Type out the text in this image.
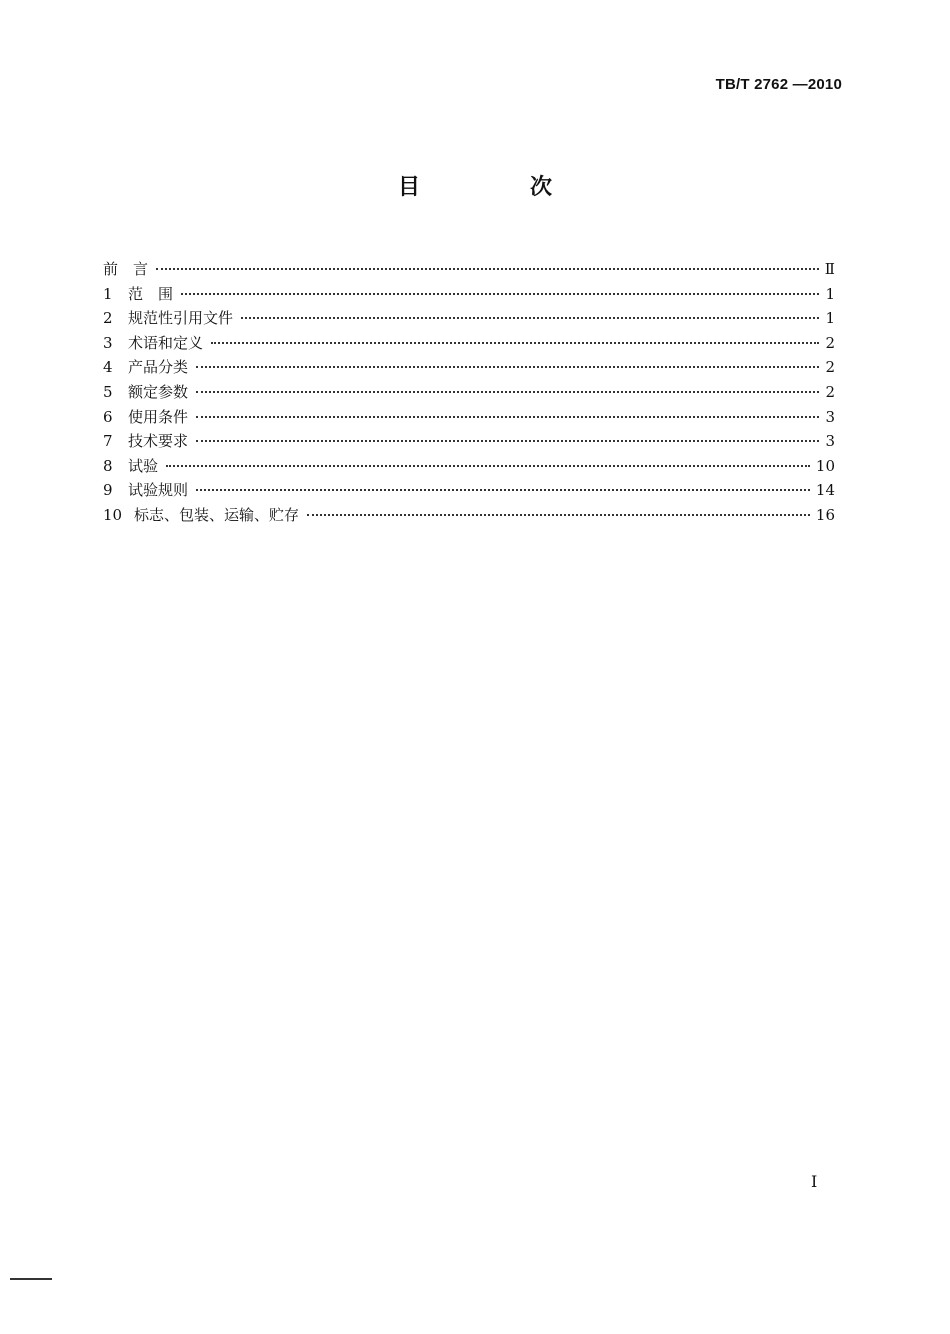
TB/T 2762 —2010
目　次
前　言	Ⅱ
1	范　围	1
2	规范性引用文件	1
3	术语和定义	2
4	产品分类	2
5	额定参数	2
6	使用条件	3
7	技术要求	3
8	试验	10
9	试验规则	14
10 标志、包装、运输、贮存	16
I
